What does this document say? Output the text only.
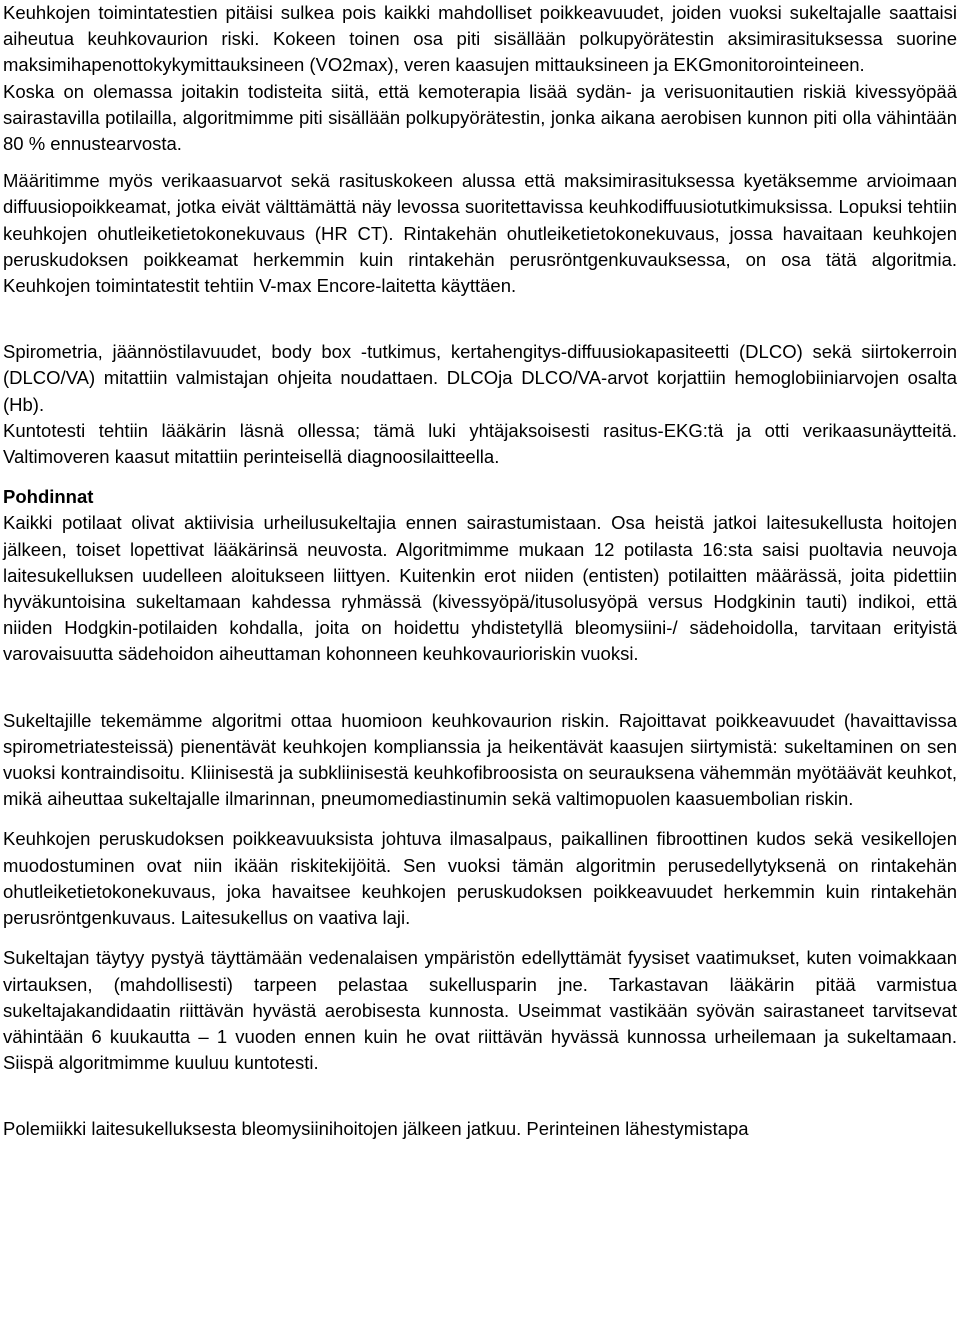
Keuhkojen toimintatestien pitäisi sulkea pois kaikki mahdolliset poikkeavuudet, joiden vuoksi sukeltajalle saattaisi aiheutua keuhkovaurion riski. Kokeen toinen osa piti sisällään polkupyörätestin aksimirasituksessa suorine maksimihapenottokykymittauksineen (VO2max), veren kaasujen mittauksineen ja EKGmonitorointeineen.

Koska on olemassa joitakin todisteita siitä, että kemoterapia lisää sydän- ja verisuonitautien riskiä kivessyöpää sairastavilla potilailla, algoritmimme piti sisällään polkupyörätestin, jonka aikana aerobisen kunnon piti olla vähintään 80 % ennustearvosta.

Määritimme myös verikaasuarvot sekä rasituskokeen alussa että maksimirasituksessa kyetäksemme arvioimaan diffuusiopoikkeamat, jotka eivät välttämättä näy levossa suoritettavissa keuhkodiffuusiotutkimuksissa. Lopuksi tehtiin keuhkojen ohutleiketietokonekuvaus (HR CT). Rintakehän ohutleiketietokonekuvaus, jossa havaitaan keuhkojen peruskudoksen poikkeamat herkemmin kuin rintakehän perusröntgenkuvauksessa, on osa tätä algoritmia. Keuhkojen toimintatestit tehtiin V-max Encore-laitetta käyttäen.

Spirometria, jäännöstilavuudet, body box -tutkimus, kertahengitys-diffuusiokapasiteetti (DLCO) sekä siirtokerroin (DLCO/VA) mitattiin valmistajan ohjeita noudattaen. DLCOja DLCO/VA-arvot korjattiin hemoglobiiniarvojen osalta (Hb).

Kuntotesti tehtiin lääkärin läsnä ollessa; tämä luki yhtäjaksoisesti rasitus-EKG:tä ja otti verikaasunäytteitä. Valtimoveren kaasut mitattiin perinteisellä diagnoosilaitteella.

Pohdinnat

Kaikki potilaat olivat aktiivisia urheilusukeltajia ennen sairastumistaan. Osa heistä jatkoi laitesukellusta hoitojen jälkeen, toiset lopettivat lääkärinsä neuvosta. Algoritmimme mukaan 12 potilasta 16:sta saisi puoltavia neuvoja laitesukelluksen uudelleen aloitukseen liittyen. Kuitenkin erot niiden (entisten) potilaitten määrässä, joita pidettiin hyväkuntoisina sukeltamaan kahdessa ryhmässä (kivessyöpä/itusolusyöpä versus Hodgkinin tauti) indikoi, että niiden Hodgkin-potilaiden kohdalla, joita on hoidettu yhdistetyllä bleomysiini-/ sädehoidolla, tarvitaan erityistä varovaisuutta sädehoidon aiheuttaman kohonneen keuhkovaurioriskin vuoksi.

Sukeltajille tekemämme algoritmi ottaa huomioon keuhkovaurion riskin. Rajoittavat poikkeavuudet (havaittavissa spirometriatesteissä) pienentävät keuhkojen komplianssia ja heikentävät kaasujen siirtymistä: sukeltaminen on sen vuoksi kontraindisoitu. Kliinisestä ja subkliinisestä keuhkofibroosista on seurauksena vähemmän myötäävät keuhkot, mikä aiheuttaa sukeltajalle ilmarinnan, pneumomediastinumin sekä valtimopuolen kaasuembolian riskin.

Keuhkojen peruskudoksen poikkeavuuksista johtuva ilmasalpaus, paikallinen fibroottinen kudos sekä vesikellojen muodostuminen ovat niin ikään riskitekijöitä. Sen vuoksi tämän algoritmin perusedellytyksenä on rintakehän ohutleiketietokonekuvaus, joka havaitsee keuhkojen peruskudoksen poikkeavuudet herkemmin kuin rintakehän perusröntgenkuvaus. Laitesukellus on vaativa laji.

Sukeltajan täytyy pystyä täyttämään vedenalaisen ympäristön edellyttämät fyysiset vaatimukset, kuten voimakkaan virtauksen, (mahdollisesti) tarpeen pelastaa sukellusparin jne. Tarkastavan lääkärin pitää varmistua sukeltajakandidaatin riittävän hyvästä aerobisesta kunnosta. Useimmat vastikään syövän sairastaneet tarvitsevat vähintään 6 kuukautta – 1 vuoden ennen kuin he ovat riittävän hyvässä kunnossa urheilemaan ja sukeltamaan. Siispä algoritmimme kuuluu kuntotesti.

Polemiikki laitesukelluksesta bleomysiinihoitojen jälkeen jatkuu. Perinteinen lähestymistapa
